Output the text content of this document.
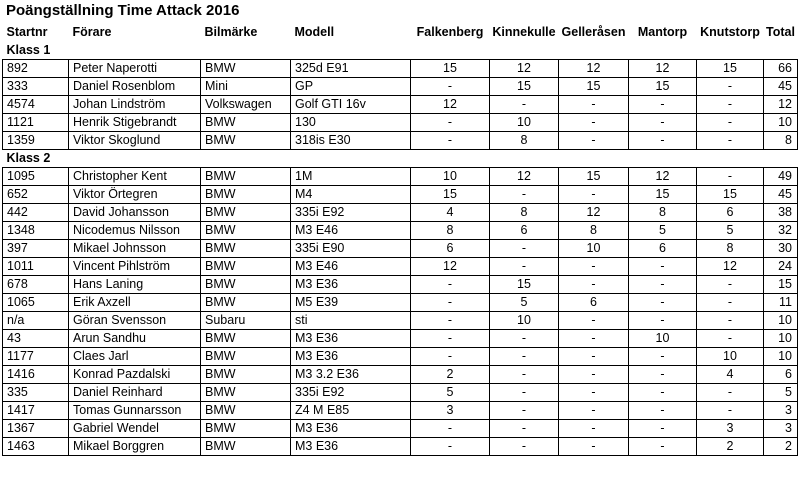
Poängställning Time Attack 2016
Startnr	Förare	Bilmärke	Modell	Falkenberg	Kinnekulle	Gelleråsen	Mantorp	Knutstorp	Total
Klass 1									
892	Peter Naperotti	BMW	325d E91	15	12	12	12	15	66
333	Daniel Rosenblom	Mini	GP	-	15	15	15	-	45
4574	Johan Lindström	Volkswagen	Golf GTI 16v	12	-	-	-	-	12
1121	Henrik Stigebrandt	BMW	130	-	10	-	-	-	10
1359	Viktor Skoglund	BMW	318is E30	-	8	-	-	-	8
Klass 2									
1095	Christopher Kent	BMW	1M	10	12	15	12	-	49
652	Viktor Örtegren	BMW	M4	15	-	-	15	15	45
442	David Johansson	BMW	335i E92	4	8	12	8	6	38
1348	Nicodemus Nilsson	BMW	M3 E46	8	6	8	5	5	32
397	Mikael Johnsson	BMW	335i E90	6	-	10	6	8	30
1011	Vincent Pihlström	BMW	M3 E46	12	-	-	-	12	24
678	Hans Laning	BMW	M3 E36	-	15	-	-	-	15
1065	Erik Axzell	BMW	M5 E39	-	5	6	-	-	11
n/a	Göran Svensson	Subaru	sti	-	10	-	-	-	10
43	Arun Sandhu	BMW	M3 E36	-	-	-	10	-	10
1177	Claes Jarl	BMW	M3 E36	-	-	-	-	10	10
1416	Konrad Pazdalski	BMW	M3 3.2 E36	2	-	-	-	4	6
335	Daniel Reinhard	BMW	335i E92	5	-	-	-	-	5
1417	Tomas Gunnarsson	BMW	Z4 M E85	3	-	-	-	-	3
1367	Gabriel Wendel	BMW	M3 E36	-	-	-	-	3	3
1463	Mikael Borggren	BMW	M3 E36	-	-	-	-	2	2
